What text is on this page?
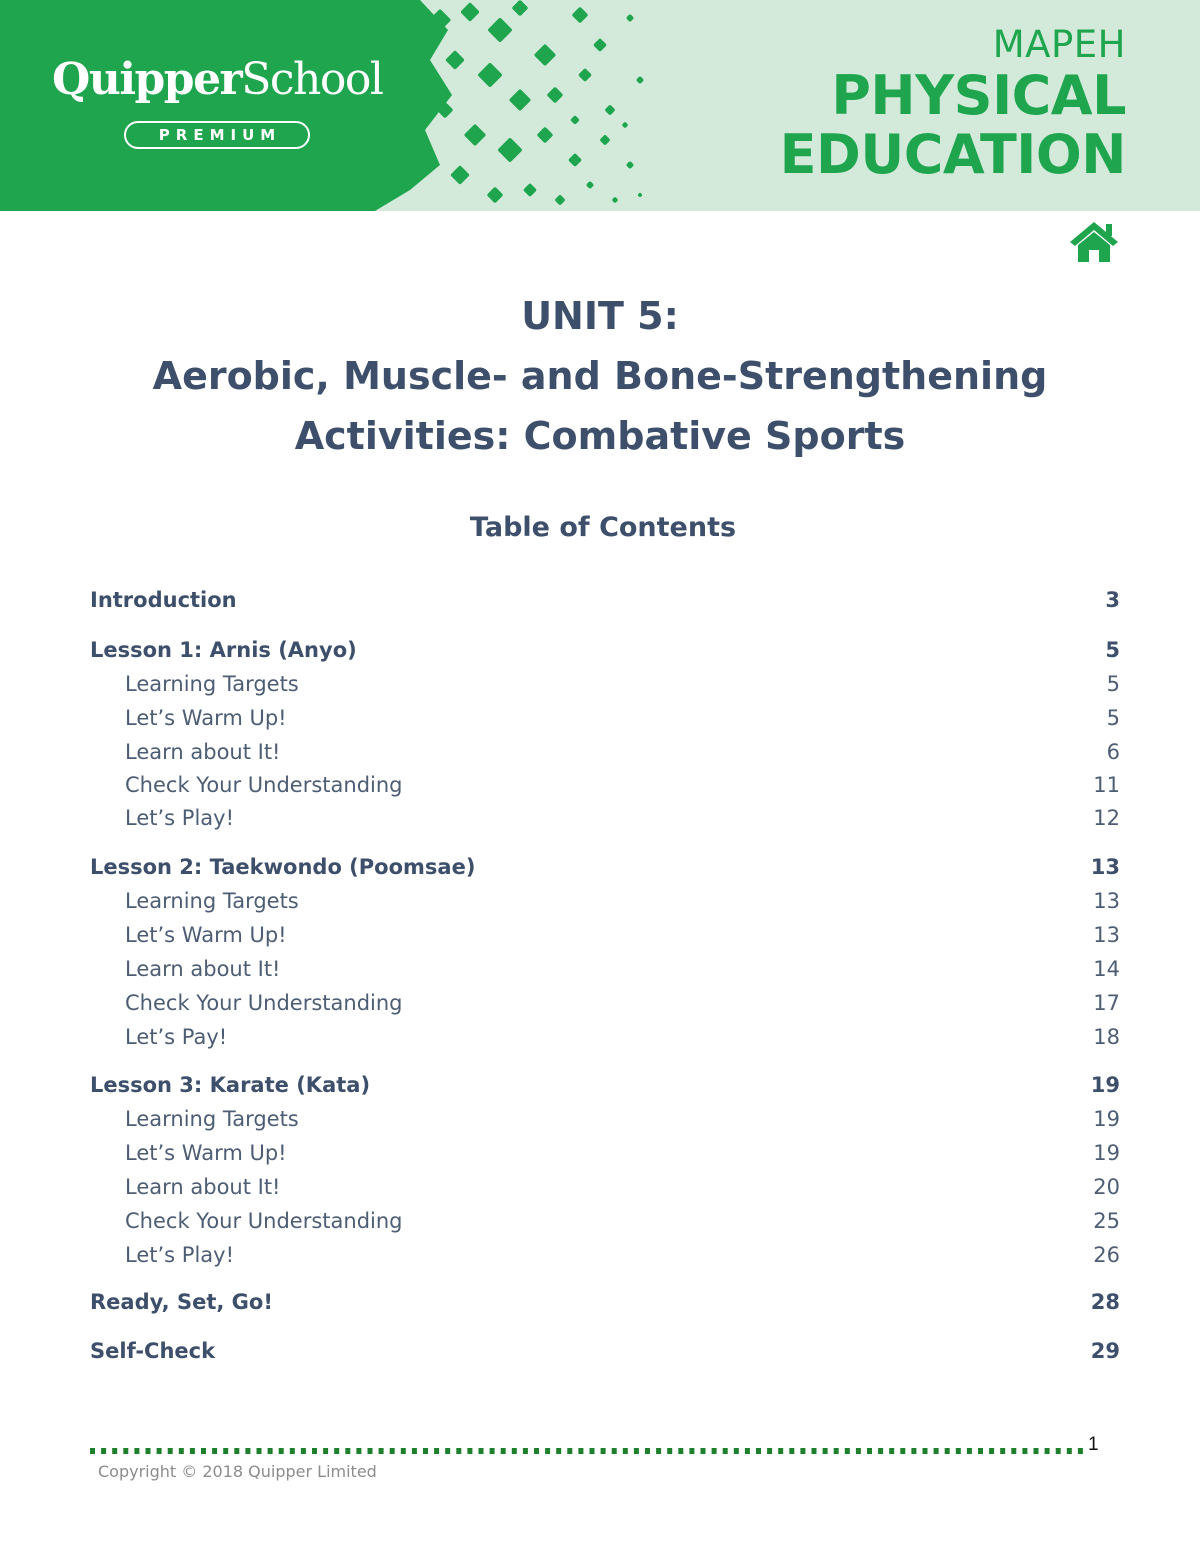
QuipperSchool
PREMIUM
MAPEH
PHYSICAL
EDUCATION
UNIT 5:
Aerobic, Muscle- and Bone-Strengthening
Activities: Combative Sports
Table of Contents
Introduction	3
Lesson 1: Arnis (Anyo)	5
Learning Targets	5
Let’s Warm Up!	5
Learn about It!	6
Check Your Understanding	11
Let’s Play!	12
Lesson 2: Taekwondo (Poomsae)	13
Learning Targets	13
Let’s Warm Up!	13
Learn about It!	14
Check Your Understanding	17
Let’s Pay!	18
Lesson 3: Karate (Kata)	19
Learning Targets	19
Let’s Warm Up!	19
Learn about It!	20
Check Your Understanding	25
Let’s Play!	26
Ready, Set, Go!	28
Self-Check	29
1
Copyright © 2018 Quipper Limited
